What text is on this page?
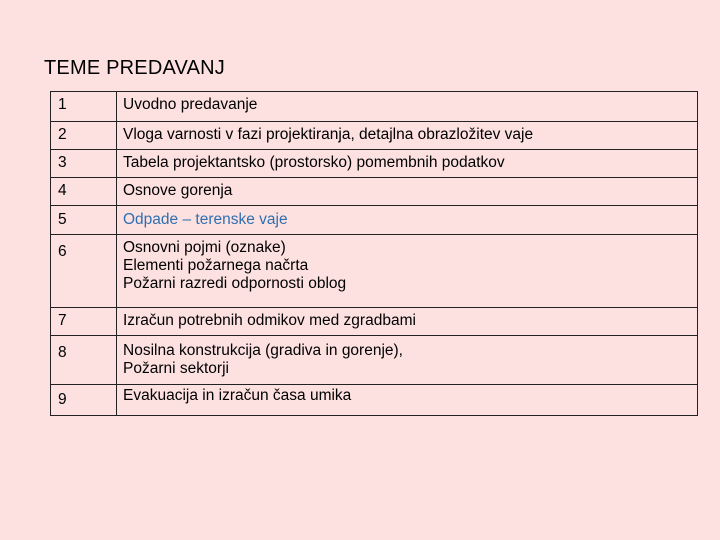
TEME PREDAVANJ
1	Uvodno predavanje

2	Vloga varnosti v fazi projektiranja, detajlna obrazložitev vaje

3	Tabela projektantsko (prostorsko) pomembnih podatkov

4	Osnove gorenja

5	Odpade – terenske vaje

6	Osnovni pojmi (oznake)
Elementi požarnega načrta
Požarni razredi odpornosti oblog

7	Izračun potrebnih odmikov med zgradbami

8	Nosilna konstrukcija (gradiva in gorenje),
Požarni sektorji

9	Evakuacija in izračun časa umika
